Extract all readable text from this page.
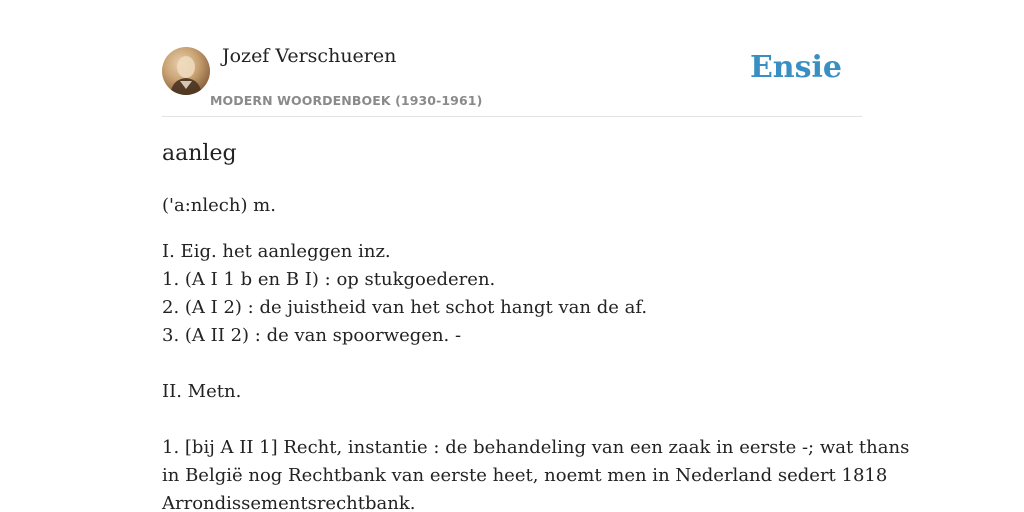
Jozef Verschueren
MODERN WOORDENBOEK (1930-1961)
Ensie
aanleg
('a:nlech) m.
I. Eig. het aanleggen inz.
1. (A I 1 b en B I) : op stukgoederen.
2. (A I 2) : de juistheid van het schot hangt van de af.
3. (A II 2) : de van spoorwegen. -
II. Metn.
1. [bij A II 1] Recht, instantie : de behandeling van een zaak in eerste -; wat thans
in België nog Rechtbank van eerste heet, noemt men in Nederland sedert 1818
Arrondissementsrechtbank.
